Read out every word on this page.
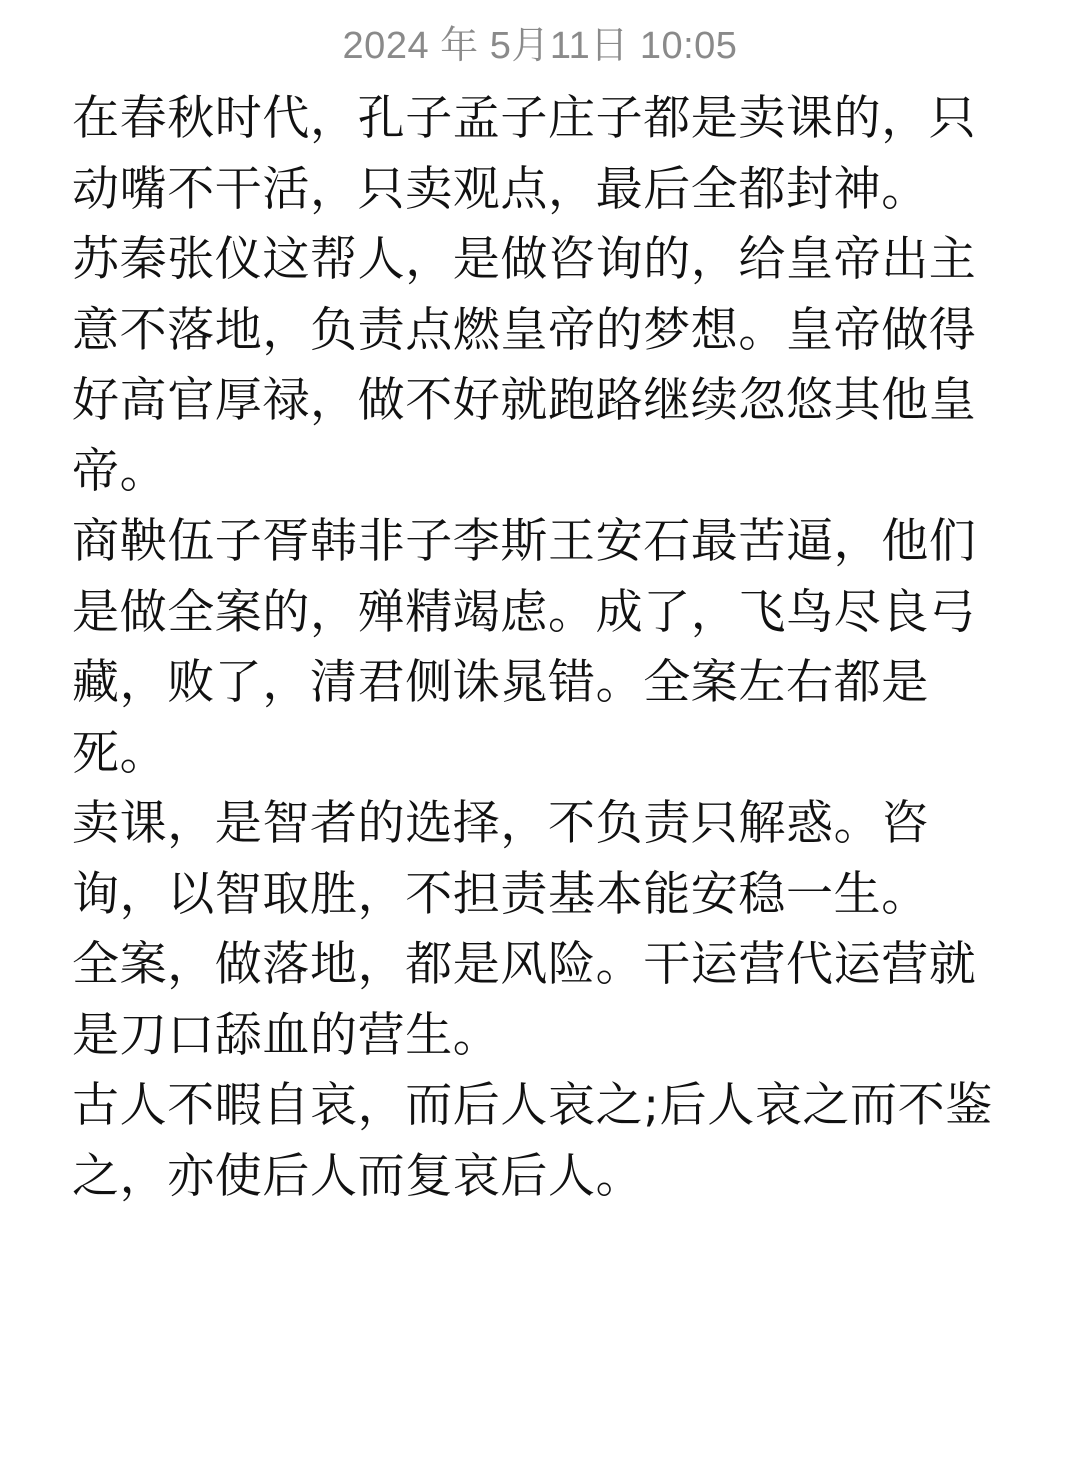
2024 年 5月11日 10:05
在春秋时代，孔子孟子庄子都是卖课的，只
动嘴不干活，只卖观点，最后全都封神。
苏秦张仪这帮人，是做咨询的，给皇帝出主
意不落地，负责点燃皇帝的梦想。皇帝做得
好高官厚禄，做不好就跑路继续忽悠其他皇
帝。
商鞅伍子胥韩非子李斯王安石最苦逼，他们
是做全案的，殚精竭虑。成了，飞鸟尽良弓
藏，败了，清君侧诛晁错。全案左右都是
死。
卖课，是智者的选择，不负责只解惑。咨
询，以智取胜，不担责基本能安稳一生。
全案，做落地，都是风险。干运营代运营就
是刀口舔血的营生。
古人不暇自哀，而后人哀之;后人哀之而不鉴
之，亦使后人而复哀后人。
